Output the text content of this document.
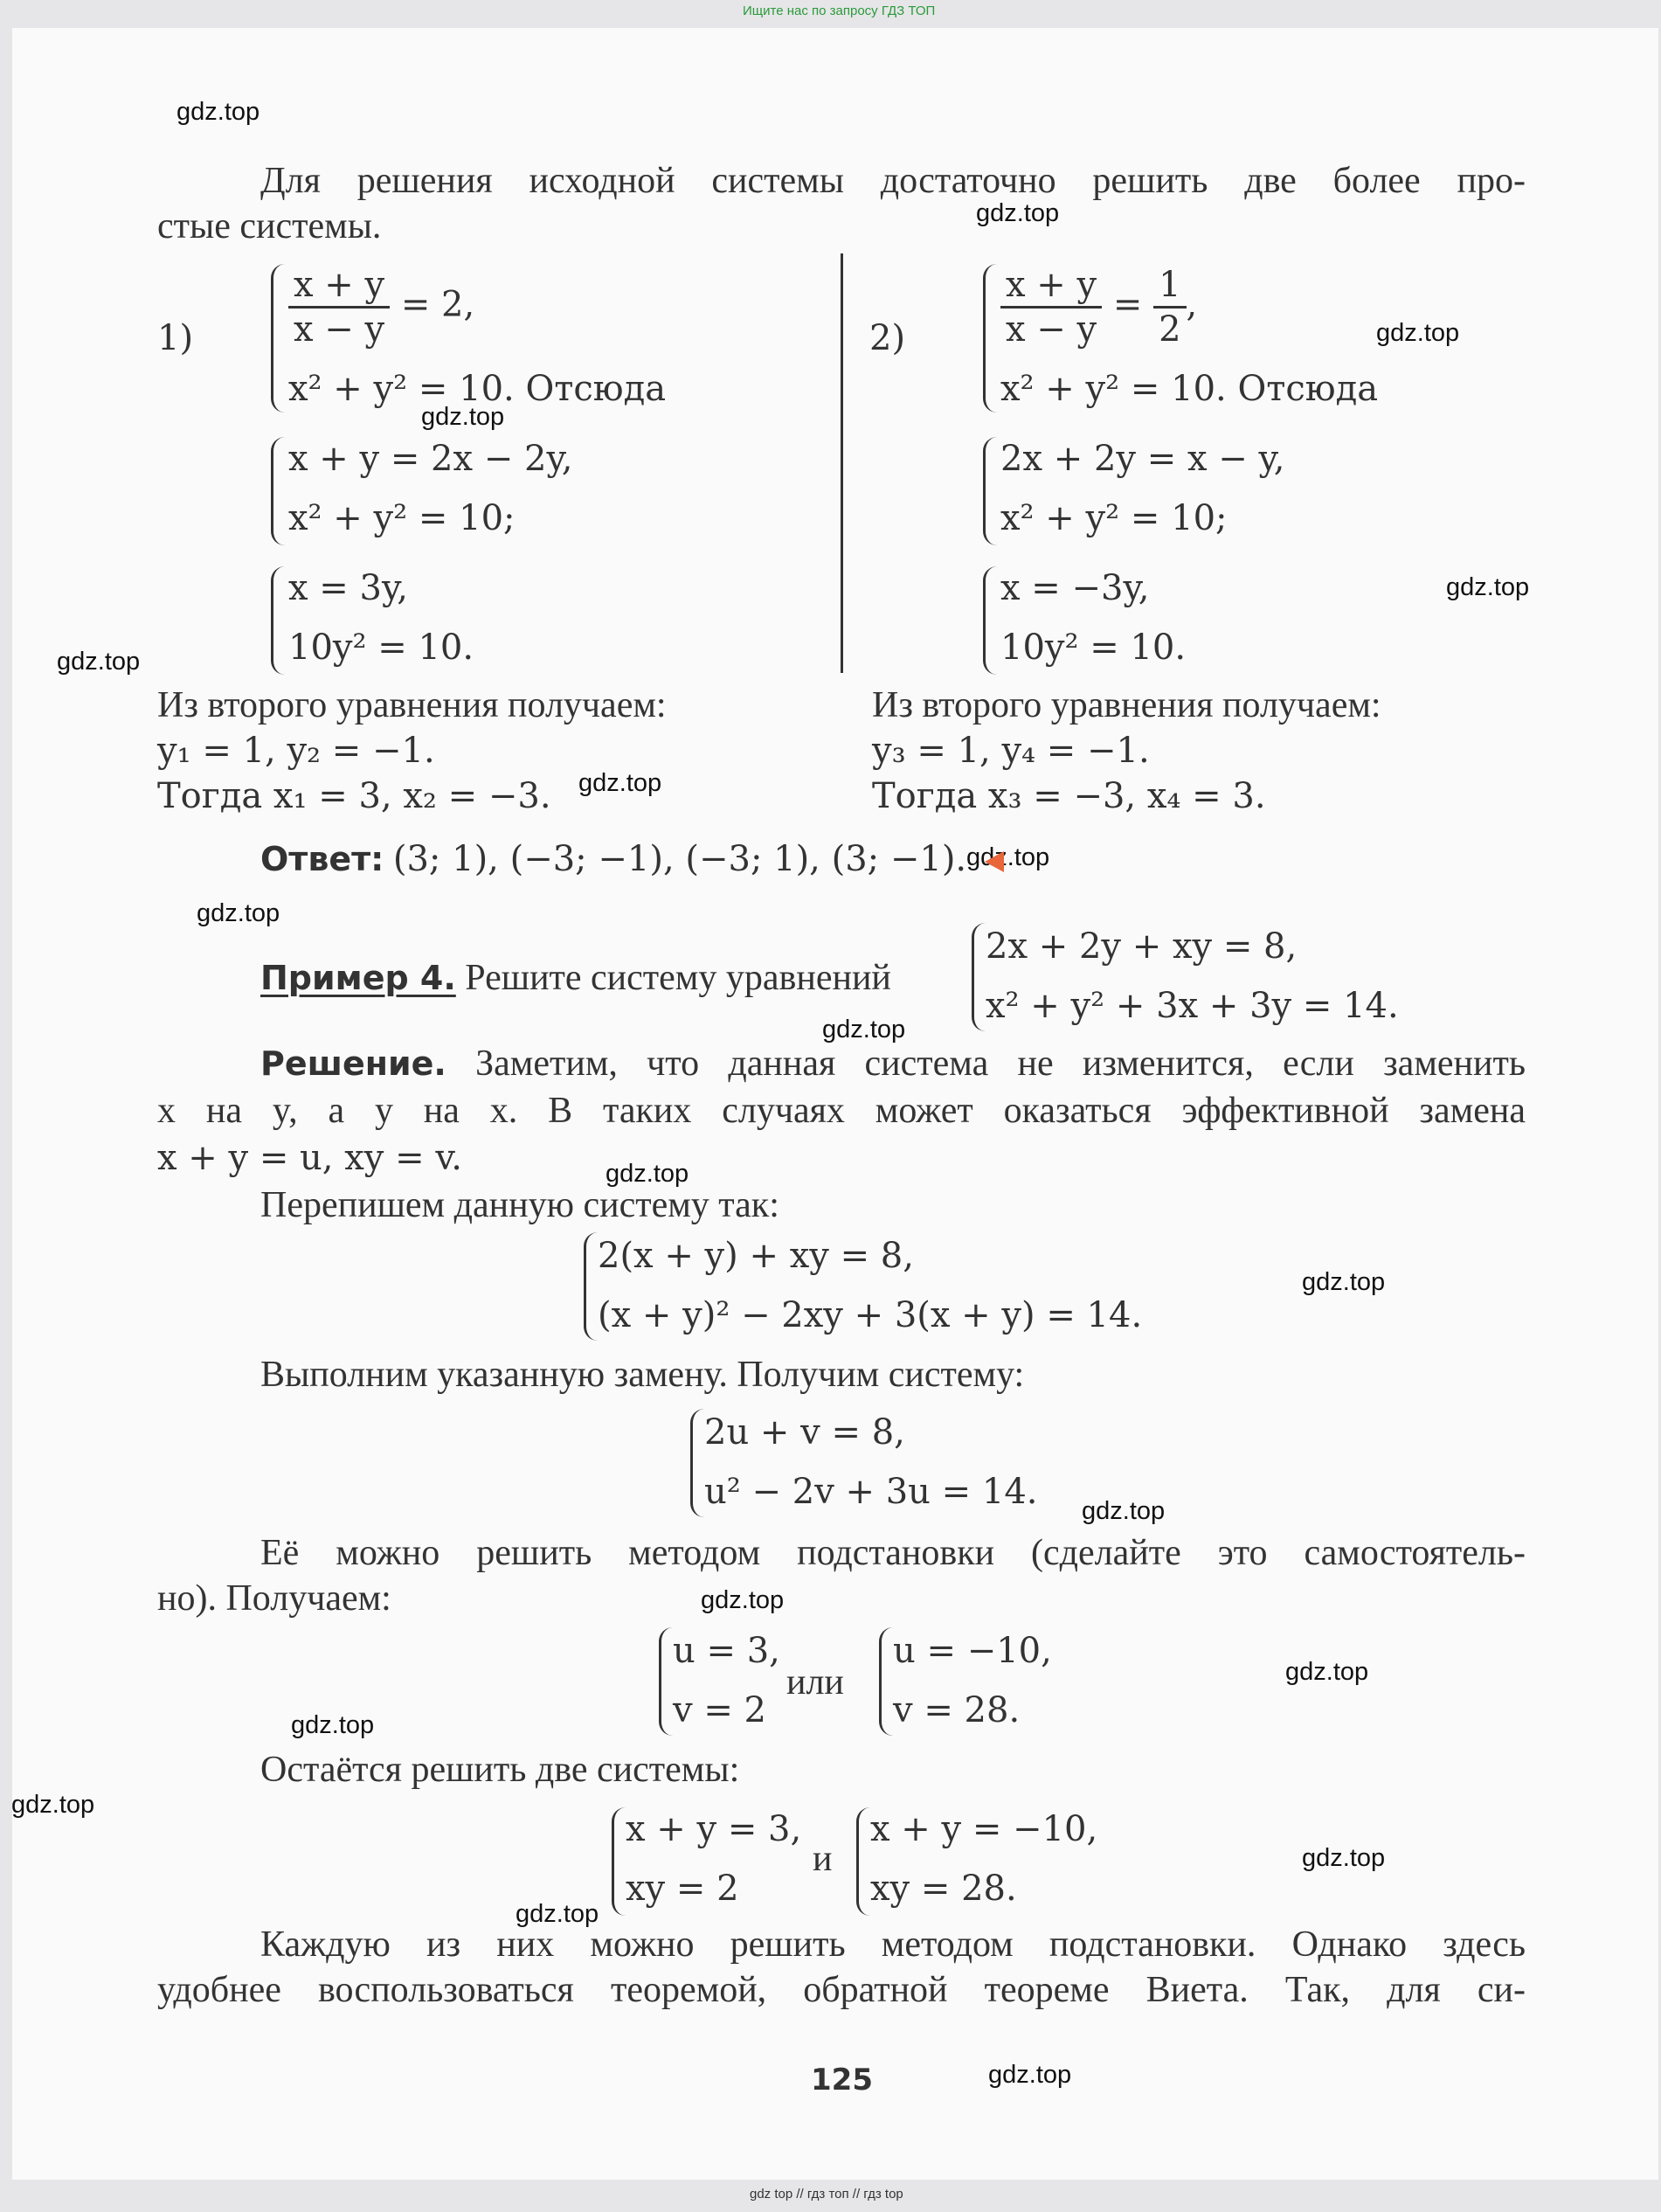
Ищите нас по запросу ГДЗ ТОП
gdz top // гдз топ // гдз top
gdz.top
gdz.top
gdz.top
gdz.top
gdz.top
gdz.top
gdz.top
gdz.top
gdz.top
gdz.top
gdz.top
gdz.top
gdz.top
gdz.top
gdz.top
gdz.top
gdz.top
gdz.top
gdz.top
gdz.top
Для решения исходной системы достаточно решить две более про-
стые системы.
1)	$\frac{x + y}{x - y} = 2$,
x² + y² = 10. Отсюда
x + y = 2x − 2y,
x² + y² = 10;
x = 3y,
10y² = 10.
Из второго уравнения получаем:
y₁ = 1, y₂ = −1.
Тогда x₁ = 3, x₂ = −3.
2)	$\frac{x + y}{x - y} = \frac{1}{2}$ ,
x² + y² = 10. Отсюда
2x + 2y = x − y,
x² + y² = 10;
x = −3y,
10y² = 10.
Из второго уравнения получаем:
y₃ = 1, y₄ = −1.
Тогда x₃ = −3, x₄ = 3.
Ответ: (3; 1), (−3; −1), (−3; 1), (3; −1).
Пример 4. Решите систему уравнений
2x + 2y + xy = 8,
x² + y² + 3x + 3y = 14.
Решение. Заметим, что данная система не изменится, если заменить
x на y, а y на x. В таких случаях может оказаться эффективной замена
x + y = u, xy = v.
Перепишем данную систему так:
2(x + y) + xy = 8,
(x + y)² − 2xy + 3(x + y) = 14.
Выполним указанную замену. Получим систему:
2u + v = 8,
u² − 2v + 3u = 14.
Её можно решить методом подстановки (сделайте это самостоятель-
но). Получаем:
u = 3,
v = 2
или
u = −10,
v = 28.
Остаётся решить две системы:
x + y = 3,
xy = 2
и
x + y = −10,
xy = 28.
Каждую из них можно решить методом подстановки. Однако здесь
удобнее воспользоваться теоремой, обратной теореме Виета. Так, для си-
125
